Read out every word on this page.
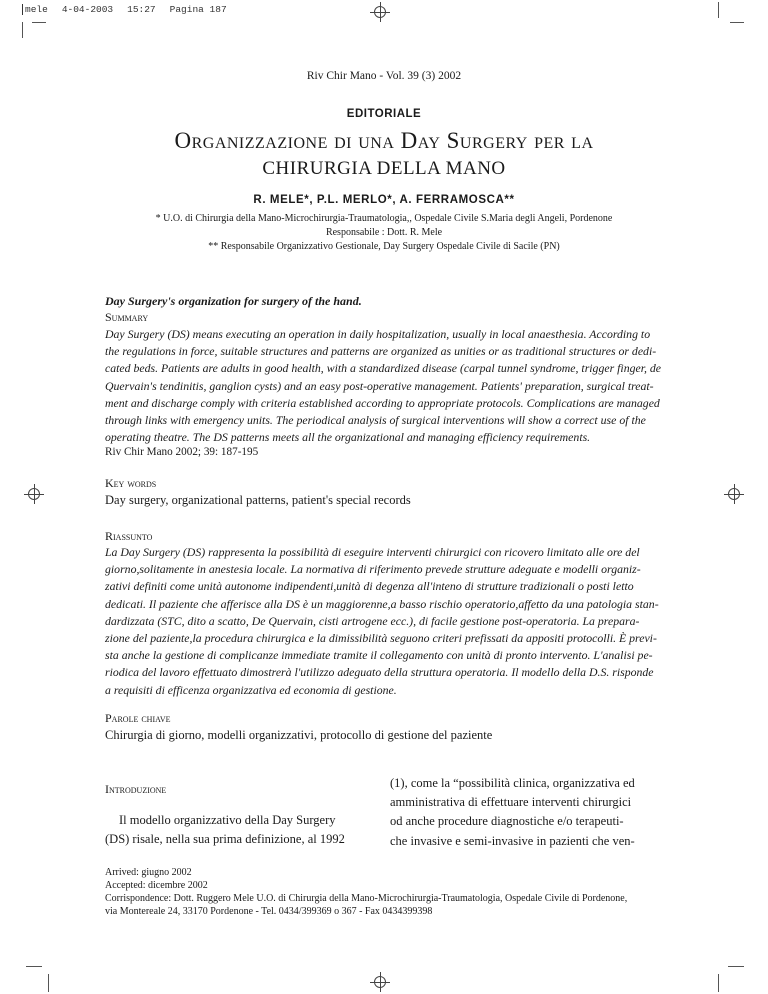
mele 4-04-2003 15:27 Pagina 187
Riv Chir Mano - Vol. 39 (3) 2002
EDITORIALE
Organizzazione di una Day Surgery per la
CHIRURGIA DELLA MANO
R. MELE*, P.L. MERLO*, A. FERRAMOSCA**
* U.O. di Chirurgia della Mano-Microchirurgia-Traumatologia,, Ospedale Civile S.Maria degli Angeli, Pordenone
Responsabile : Dott. R. Mele
** Responsabile Organizzativo Gestionale, Day Surgery Ospedale Civile di Sacile (PN)
Day Surgery's organization for surgery of the hand.
Summary
Day Surgery (DS) means executing an operation in daily hospitalization, usually in local anaesthesia. According to
the regulations in force, suitable structures and patterns are organized as unities or as traditional structures or dedi-
cated beds. Patients are adults in good health, with a standardized disease (carpal tunnel syndrome, trigger finger, de
Quervain's tendinitis, ganglion cysts) and an easy post-operative management. Patients' preparation, surgical treat-
ment and discharge comply with criteria established according to appropriate protocols. Complications are managed
through links with emergency units. The periodical analysis of surgical interventions will show a correct use of the
operating theatre. The DS patterns meets all the organizational and managing efficiency requirements.
Riv Chir Mano 2002; 39: 187-195
Key words
Day surgery, organizational patterns, patient's special records
Riassunto
La Day Surgery (DS) rappresenta la possibilità di eseguire interventi chirurgici con ricovero limitato alle ore del
giorno,solitamente in anestesia locale. La normativa di riferimento prevede strutture adeguate e modelli organiz-
zativi definiti come unità autonome indipendenti,unità di degenza all'inteno di strutture tradizionali o posti letto
dedicati. Il paziente che afferisce alla DS è un maggiorenne,a basso rischio operatorio,affetto da una patologia stan-
dardizzata (STC, dito a scatto, De Quervain, cisti artrogene ecc.), di facile gestione post-operatoria. La prepara-
zione del paziente,la procedura chirurgica e la dimissibilità seguono criteri prefissati da appositi protocolli. È previ-
sta anche la gestione di complicanze immediate tramite il collegamento con unità di pronto intervento. L'analisi pe-
riodica del lavoro effettuato dimostrerà l'utilizzo adeguato della struttura operatoria. Il modello della D.S. risponde
a requisiti di efficenza organizzativa ed economia di gestione.
Parole chiave
Chirurgia di giorno, modelli organizzativi, protocollo di gestione del paziente
Introduzione
Il modello organizzativo della Day Surgery
(DS) risale, nella sua prima definizione, al 1992
(1), come la “possibilità clinica, organizzativa ed
amministrativa di effettuare interventi chirurgici
od anche procedure diagnostiche e/o terapeuti-
che invasive e semi-invasive in pazienti che ven-
Arrived: giugno 2002
Accepted: dicembre 2002
Corrispondence: Dott. Ruggero Mele U.O. di Chirurgia della Mano-Microchirurgia-Traumatologia, Ospedale Civile di Pordenone,
via Montereale 24, 33170 Pordenone - Tel. 0434/399369 o 367 - Fax 0434399398
